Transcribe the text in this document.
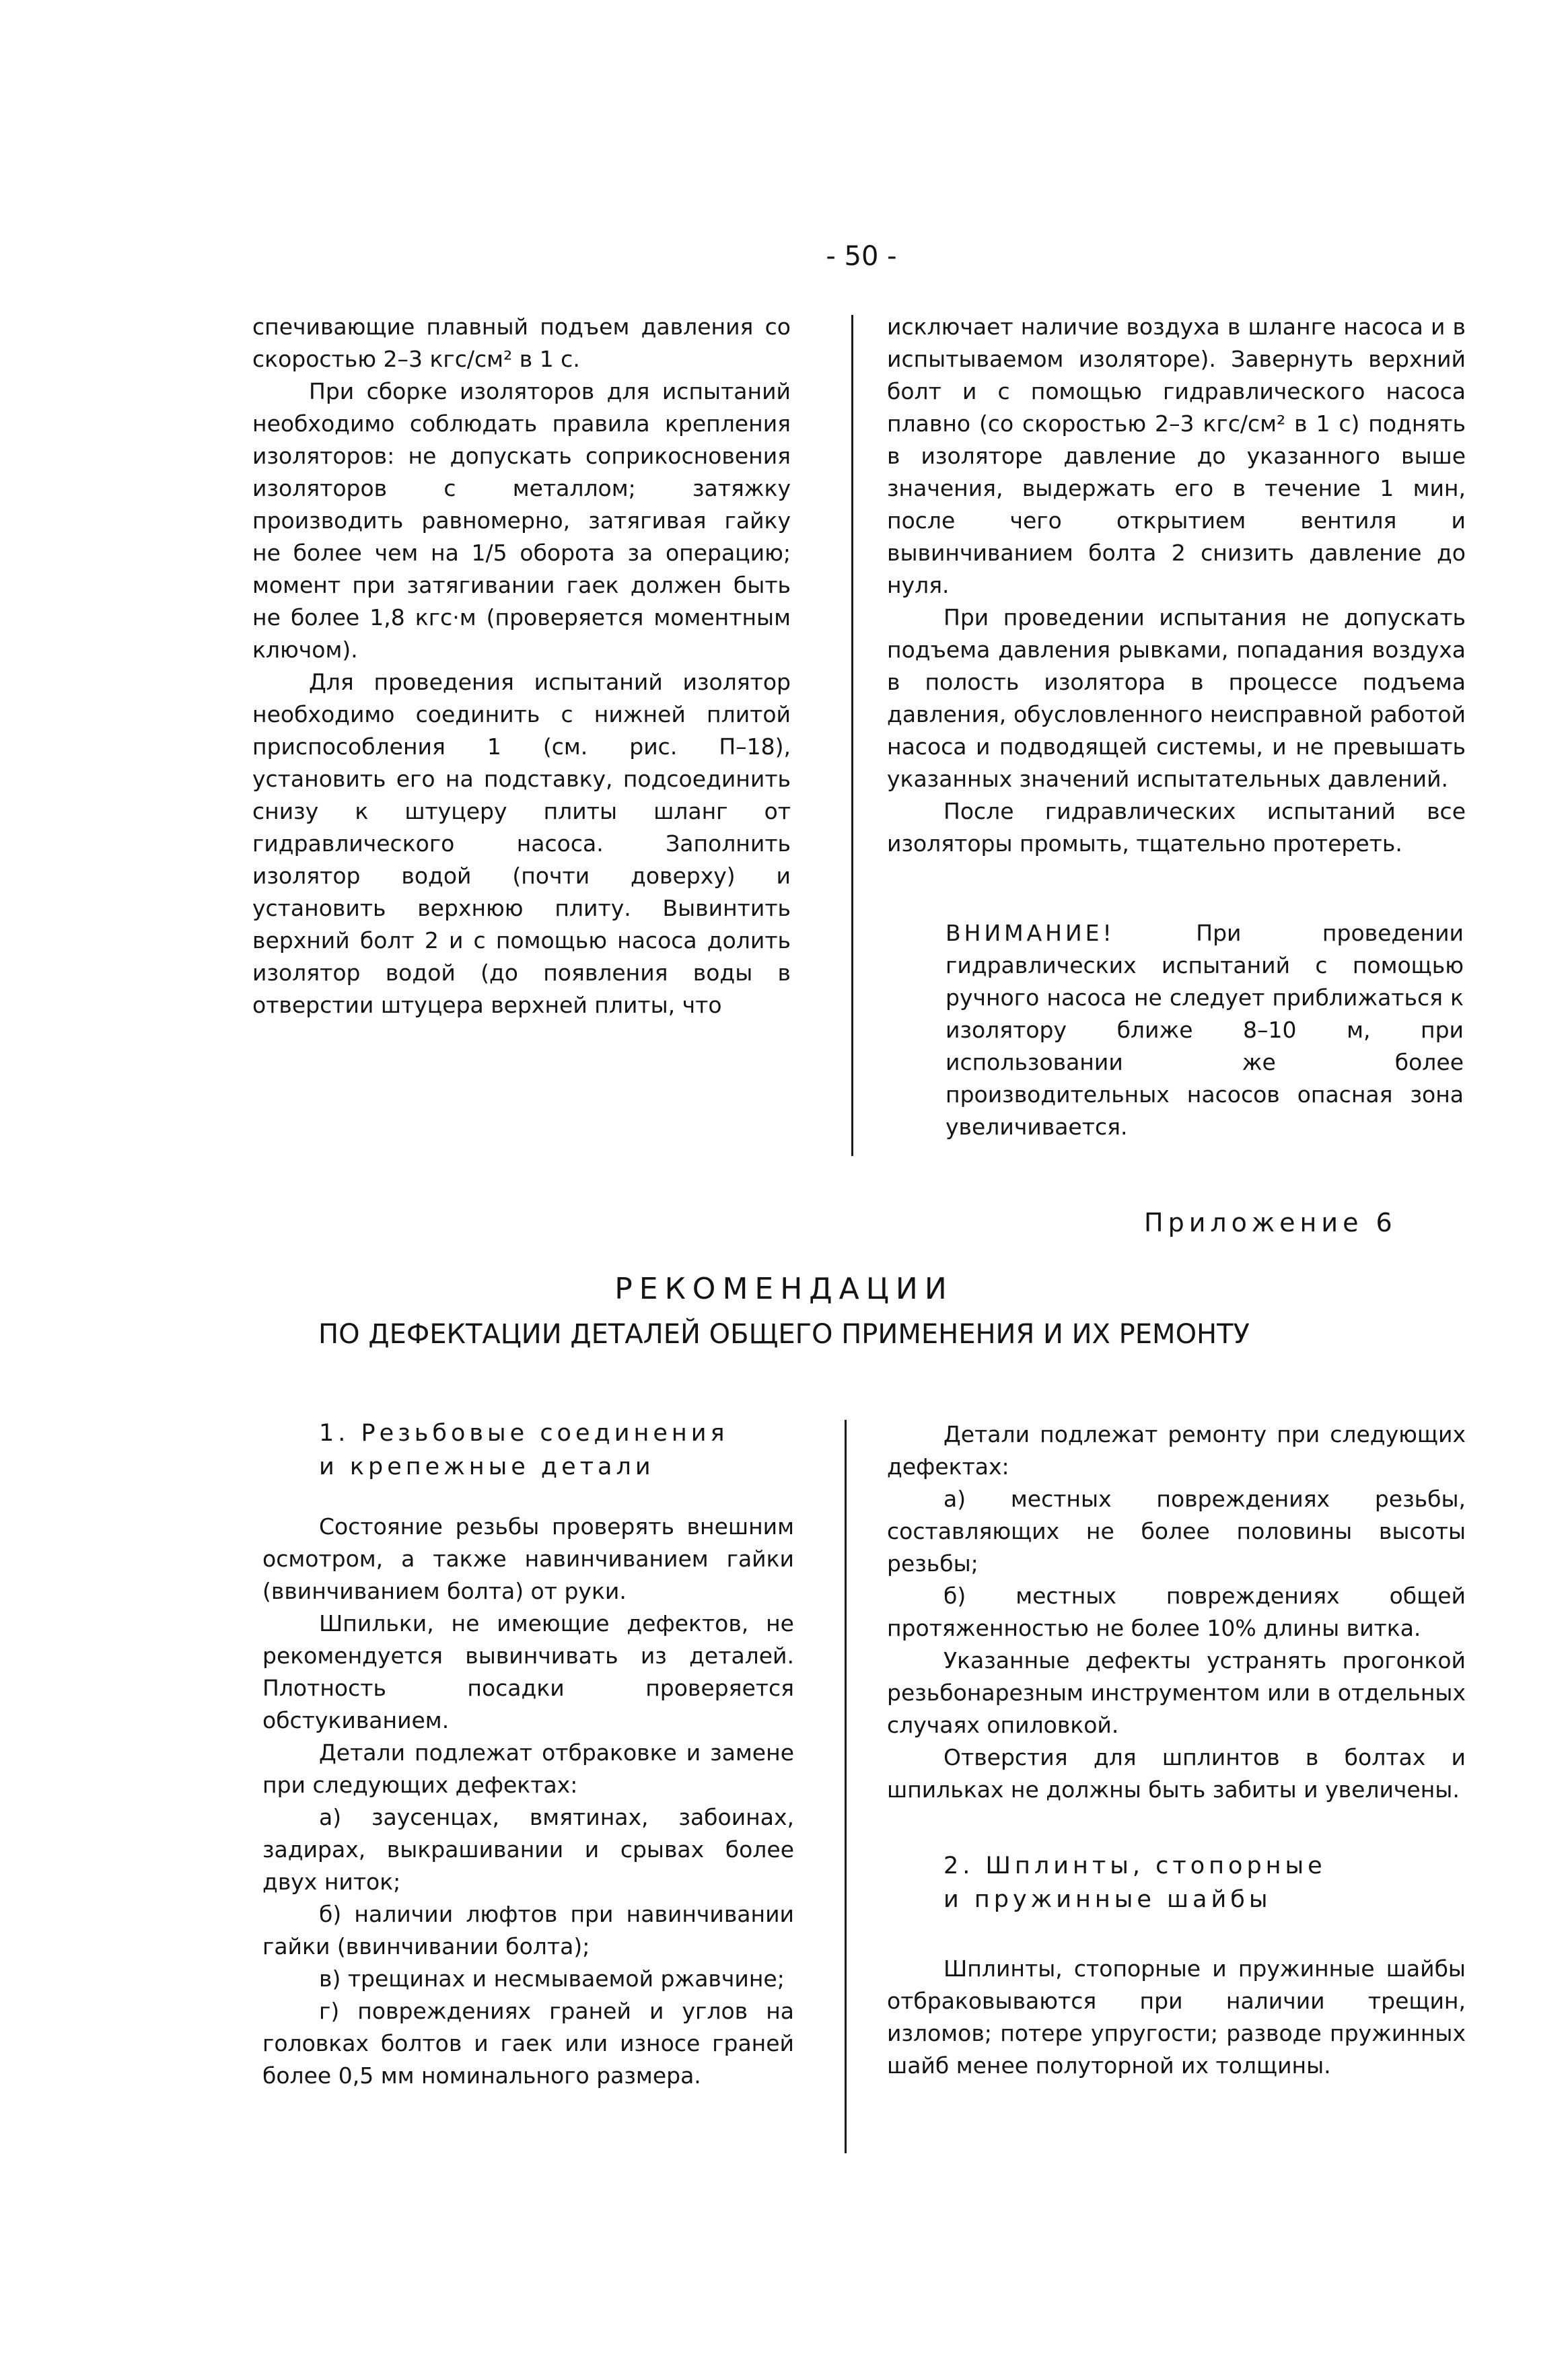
- 50 -

спечивающие плавный подъем давления со скоростью 2–3 кгс/см² в 1 с.

При сборке изоляторов для испытаний необходимо соблюдать правила крепления изоляторов: не допускать соприкосновения изоляторов с металлом; затяжку производить равномерно, затягивая гайку не более чем на 1/5 оборота за операцию; момент при затягивании гаек должен быть не более 1,8 кгс·м (проверяется моментным ключом).

Для проведения испытаний изолятор необходимо соединить с нижней плитой приспособления 1 (см. рис. П–18), установить его на подставку, подсоединить снизу к штуцеру плиты шланг от гидравлического насоса. Заполнить изолятор водой (почти доверху) и установить верхнюю плиту. Вывинтить верхний болт 2 и с помощью насоса долить изолятор водой (до появления воды в отверстии штуцера верхней плиты, что

исключает наличие воздуха в шланге насоса и в испытываемом изоляторе). Завернуть верхний болт и с помощью гидравлического насоса плавно (со скоростью 2–3 кгс/см² в 1 с) поднять в изоляторе давление до указанного выше значения, выдержать его в течение 1 мин, после чего открытием вентиля и вывинчиванием болта 2 снизить давление до нуля.

При проведении испытания не допускать подъема давления рывками, попадания воздуха в полость изолятора в процессе подъема давления, обусловленного неисправной работой насоса и подводящей системы, и не превышать указанных значений испытательных давлений.

После гидравлических испытаний все изоляторы промыть, тщательно протереть.

ВНИМАНИЕ!	При проведении гидравлических испытаний с помощью ручного насоса не следует приближаться к изолятору ближе 8–10 м, при использовании же более производительных насосов опасная зона увеличивается.
Приложение 6
РЕКОМЕНДАЦИИ
ПО ДЕФЕКТАЦИИ ДЕТАЛЕЙ ОБЩЕГО ПРИМЕНЕНИЯ И ИХ РЕМОНТУ

1. Резьбовые соединения

и крепежные детали

Состояние резьбы проверять внешним осмотром, а также навинчиванием гайки (ввинчиванием болта) от руки.

Шпильки, не имеющие дефектов, не рекомендуется вывинчивать из деталей. Плотность посадки проверяется обстукиванием.

Детали подлежат отбраковке и замене при следующих дефектах:

а) заусенцах, вмятинах, забоинах, задирах, выкрашивании и срывах более двух ниток;

б) наличии люфтов при навинчивании гайки (ввинчивании болта);

в) трещинах и несмываемой ржавчине;

г) повреждениях граней и углов на головках болтов и гаек или износе граней более 0,5 мм номинального размера.

Детали подлежат ремонту при следующих дефектах:

а) местных повреждениях резьбы, составляющих не более половины высоты резьбы;

б) местных повреждениях общей протяженностью не более 10% длины витка.

Указанные дефекты устранять прогонкой резьбонарезным инструментом или в отдельных случаях опиловкой.

Отверстия для шплинтов в болтах и шпильках не должны быть забиты и увеличены.

2. Шплинты, стопорные

и пружинные шайбы

Шплинты, стопорные и пружинные шайбы отбраковываются при наличии трещин, изломов; потере упругости; разводе пружинных шайб менее полуторной их толщины.
